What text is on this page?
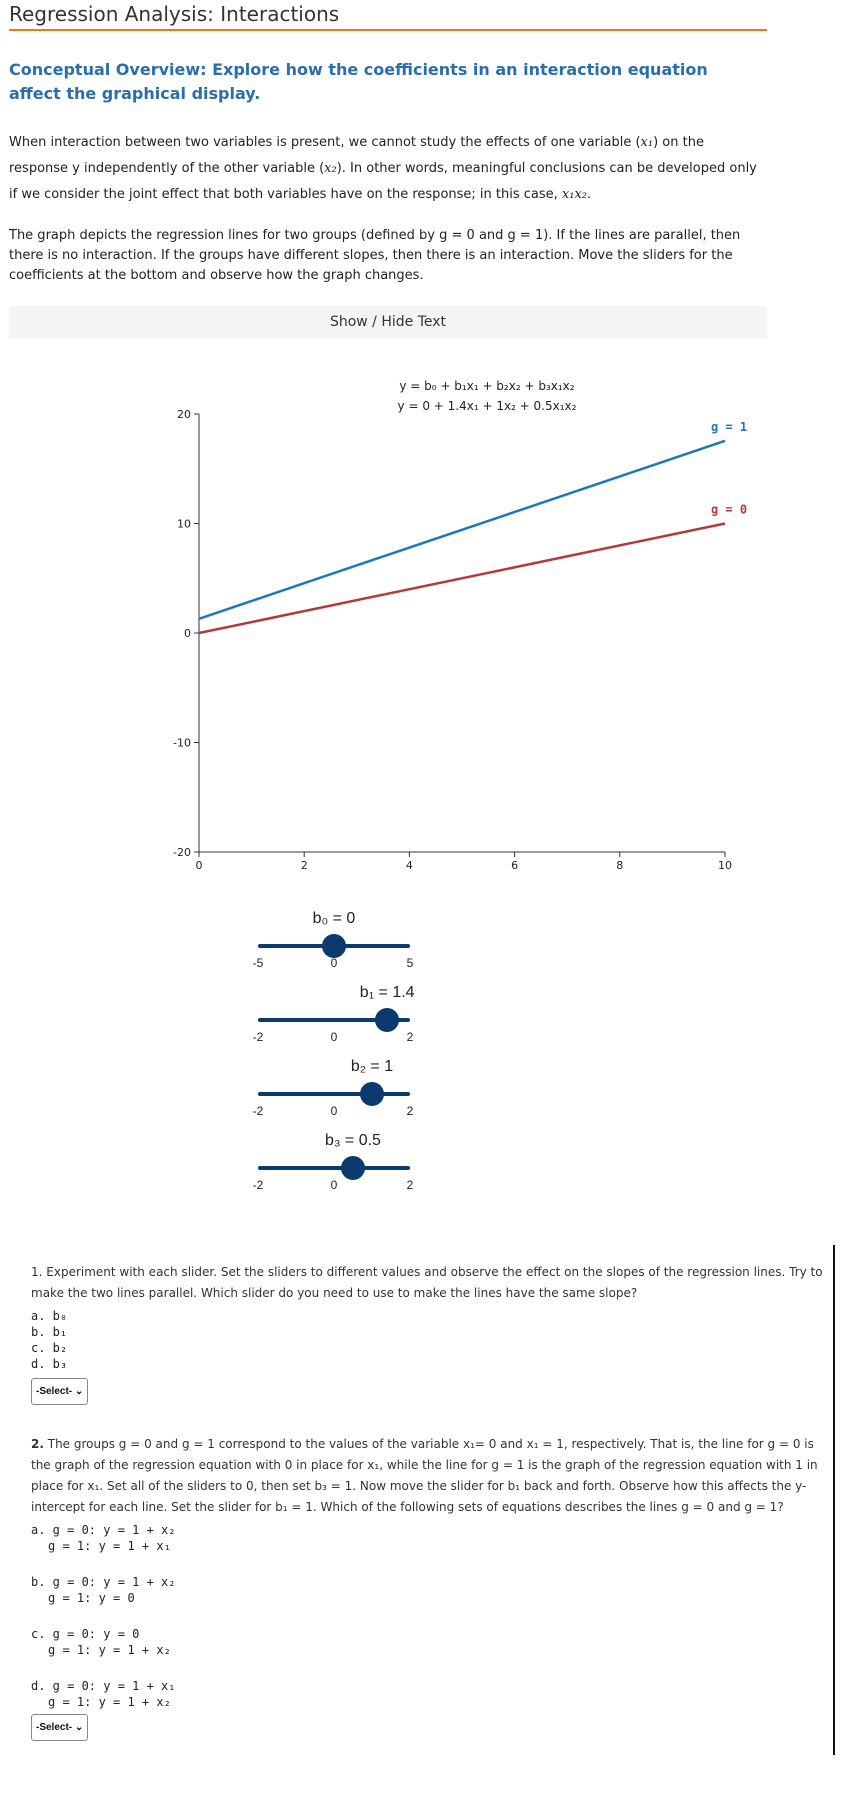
Regression Analysis: Interactions
Conceptual Overview: Explore how the coefficients in an interaction equation affect the graphical display.
When interaction between two variables is present, we cannot study the effects of one variable (x₁) on the response y independently of the other variable (x₂). In other words, meaningful conclusions can be developed only if we consider the joint effect that both variables have on the response; in this case, x₁x₂.
The graph depicts the regression lines for two groups (defined by g = 0 and g = 1). If the lines are parallel, then there is no interaction. If the groups have different slopes, then there is an interaction. Move the sliders for the coefficients at the bottom and observe how the graph changes.
Show / Hide Text
20
10
0
-10
-20
0	2	4	6	8	10
g = 1
g = 0
y = b₀ + b₁x₁ + b₂x₂ + b₃x₁x₂
y = 0 + 1.4x₁ + 1x₂ + 0.5x₁x₂
b₀ = 0
-5	0	5
b₁ = 1.4
-2	0	2
b₂ = 1
-2	0	2
b₃ = 0.5
-2	0	2
1. Experiment with each slider. Set the sliders to different values and observe the effect on the slopes of the regression lines. Try to make the two lines parallel. Which slider do you need to use to make the lines have the same slope?
a. b₀
b. b₁
c. b₂
d. b₃
-Select- ⌄
2. The groups g = 0 and g = 1 correspond to the values of the variable x₁= 0 and x₁ = 1, respectively. That is, the line for g = 0 is the graph of the regression equation with 0 in place for x₁, while the line for g = 1 is the graph of the regression equation with 1 in place for x₁. Set all of the sliders to 0, then set b₃ = 1. Now move the slider for b₁ back and forth. Observe how this affects the y-intercept for each line. Set the slider for b₁ = 1. Which of the following sets of equations describes the lines g = 0 and g = 1?
a. g = 0: y = 1 + x₂
g = 1: y = 1 + x₁
b. g = 0: y = 1 + x₂
g = 1: y = 0
c. g = 0: y = 0
g = 1: y = 1 + x₂
d. g = 0: y = 1 + x₁
g = 1: y = 1 + x₂
-Select- ⌄
